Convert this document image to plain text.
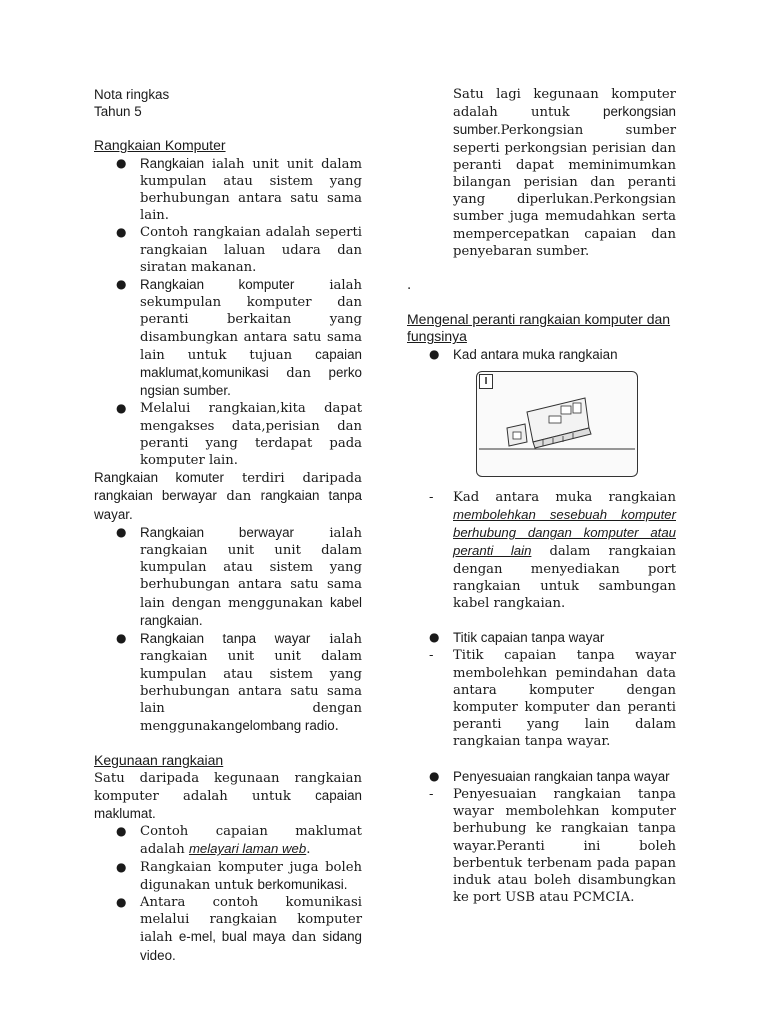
Nota ringkas

Tahun 5

Rangkaian Komputer

● Rangkaian ialah unit unit dalam kumpulan atau sistem yang berhubungan antara satu sama lain.
● Contoh rangkaian adalah seperti rangkaian laluan udara dan siratan makanan.
● Rangkaian komputer ialah sekumpulan komputer dan peranti berkaitan yang disambungkan antara satu sama lain untuk tujuan capaian maklumat,komunikasi dan perko ngsian sumber.
● Melalui rangkaian,kita dapat mengakses data,perisian dan peranti yang terdapat pada komputer lain.

Rangkaian komuter terdiri daripada rangkaian berwayar dan rangkaian tanpa wayar.

● Rangkaian berwayar ialah rangkaian unit unit dalam kumpulan atau sistem yang berhubungan antara satu sama lain dengan menggunakan kabel rangkaian.
● Rangkaian tanpa wayar ialah rangkaian unit unit dalam kumpulan atau sistem yang berhubungan antara satu sama lain dengan menggunakangelombang radio.

Kegunaan rangkaian

Satu daripada kegunaan rangkaian komputer adalah untuk capaian maklumat.

● Contoh capaian maklumat adalah melayari laman web.
● Rangkaian komputer juga boleh digunakan untuk berkomunikasi.
● Antara contoh komunikasi melalui rangkaian komputer ialah e-mel, bual maya dan sidang video.
Satu lagi kegunaan komputer adalah untuk perkongsian sumber.Perkongsian sumber seperti perkongsian perisian dan peranti dapat meminimumkan bilangan perisian dan peranti yang diperlukan.Perkongsian sumber juga memudahkan serta mempercepatkan capaian dan penyebaran sumber.

.

Mengenal peranti rangkaian komputer dan fungsinya

● Kad antara muka rangkaian
I
- Kad antara muka rangkaian membolehkan sesebuah komputer berhubung dangan komputer atau peranti lain dalam rangkaian dengan menyediakan port rangkaian untuk sambungan kabel rangkaian.
● Titik capaian tanpa wayar
- Titik capaian tanpa wayar membolehkan pemindahan data antara komputer dengan komputer komputer dan peranti peranti yang lain dalam rangkaian tanpa wayar.
● Penyesuaian rangkaian tanpa wayar
- Penyesuaian rangkaian tanpa wayar membolehkan komputer berhubung ke rangkaian tanpa wayar.Peranti ini boleh berbentuk terbenam pada papan induk atau boleh disambungkan ke port USB atau PCMCIA.
